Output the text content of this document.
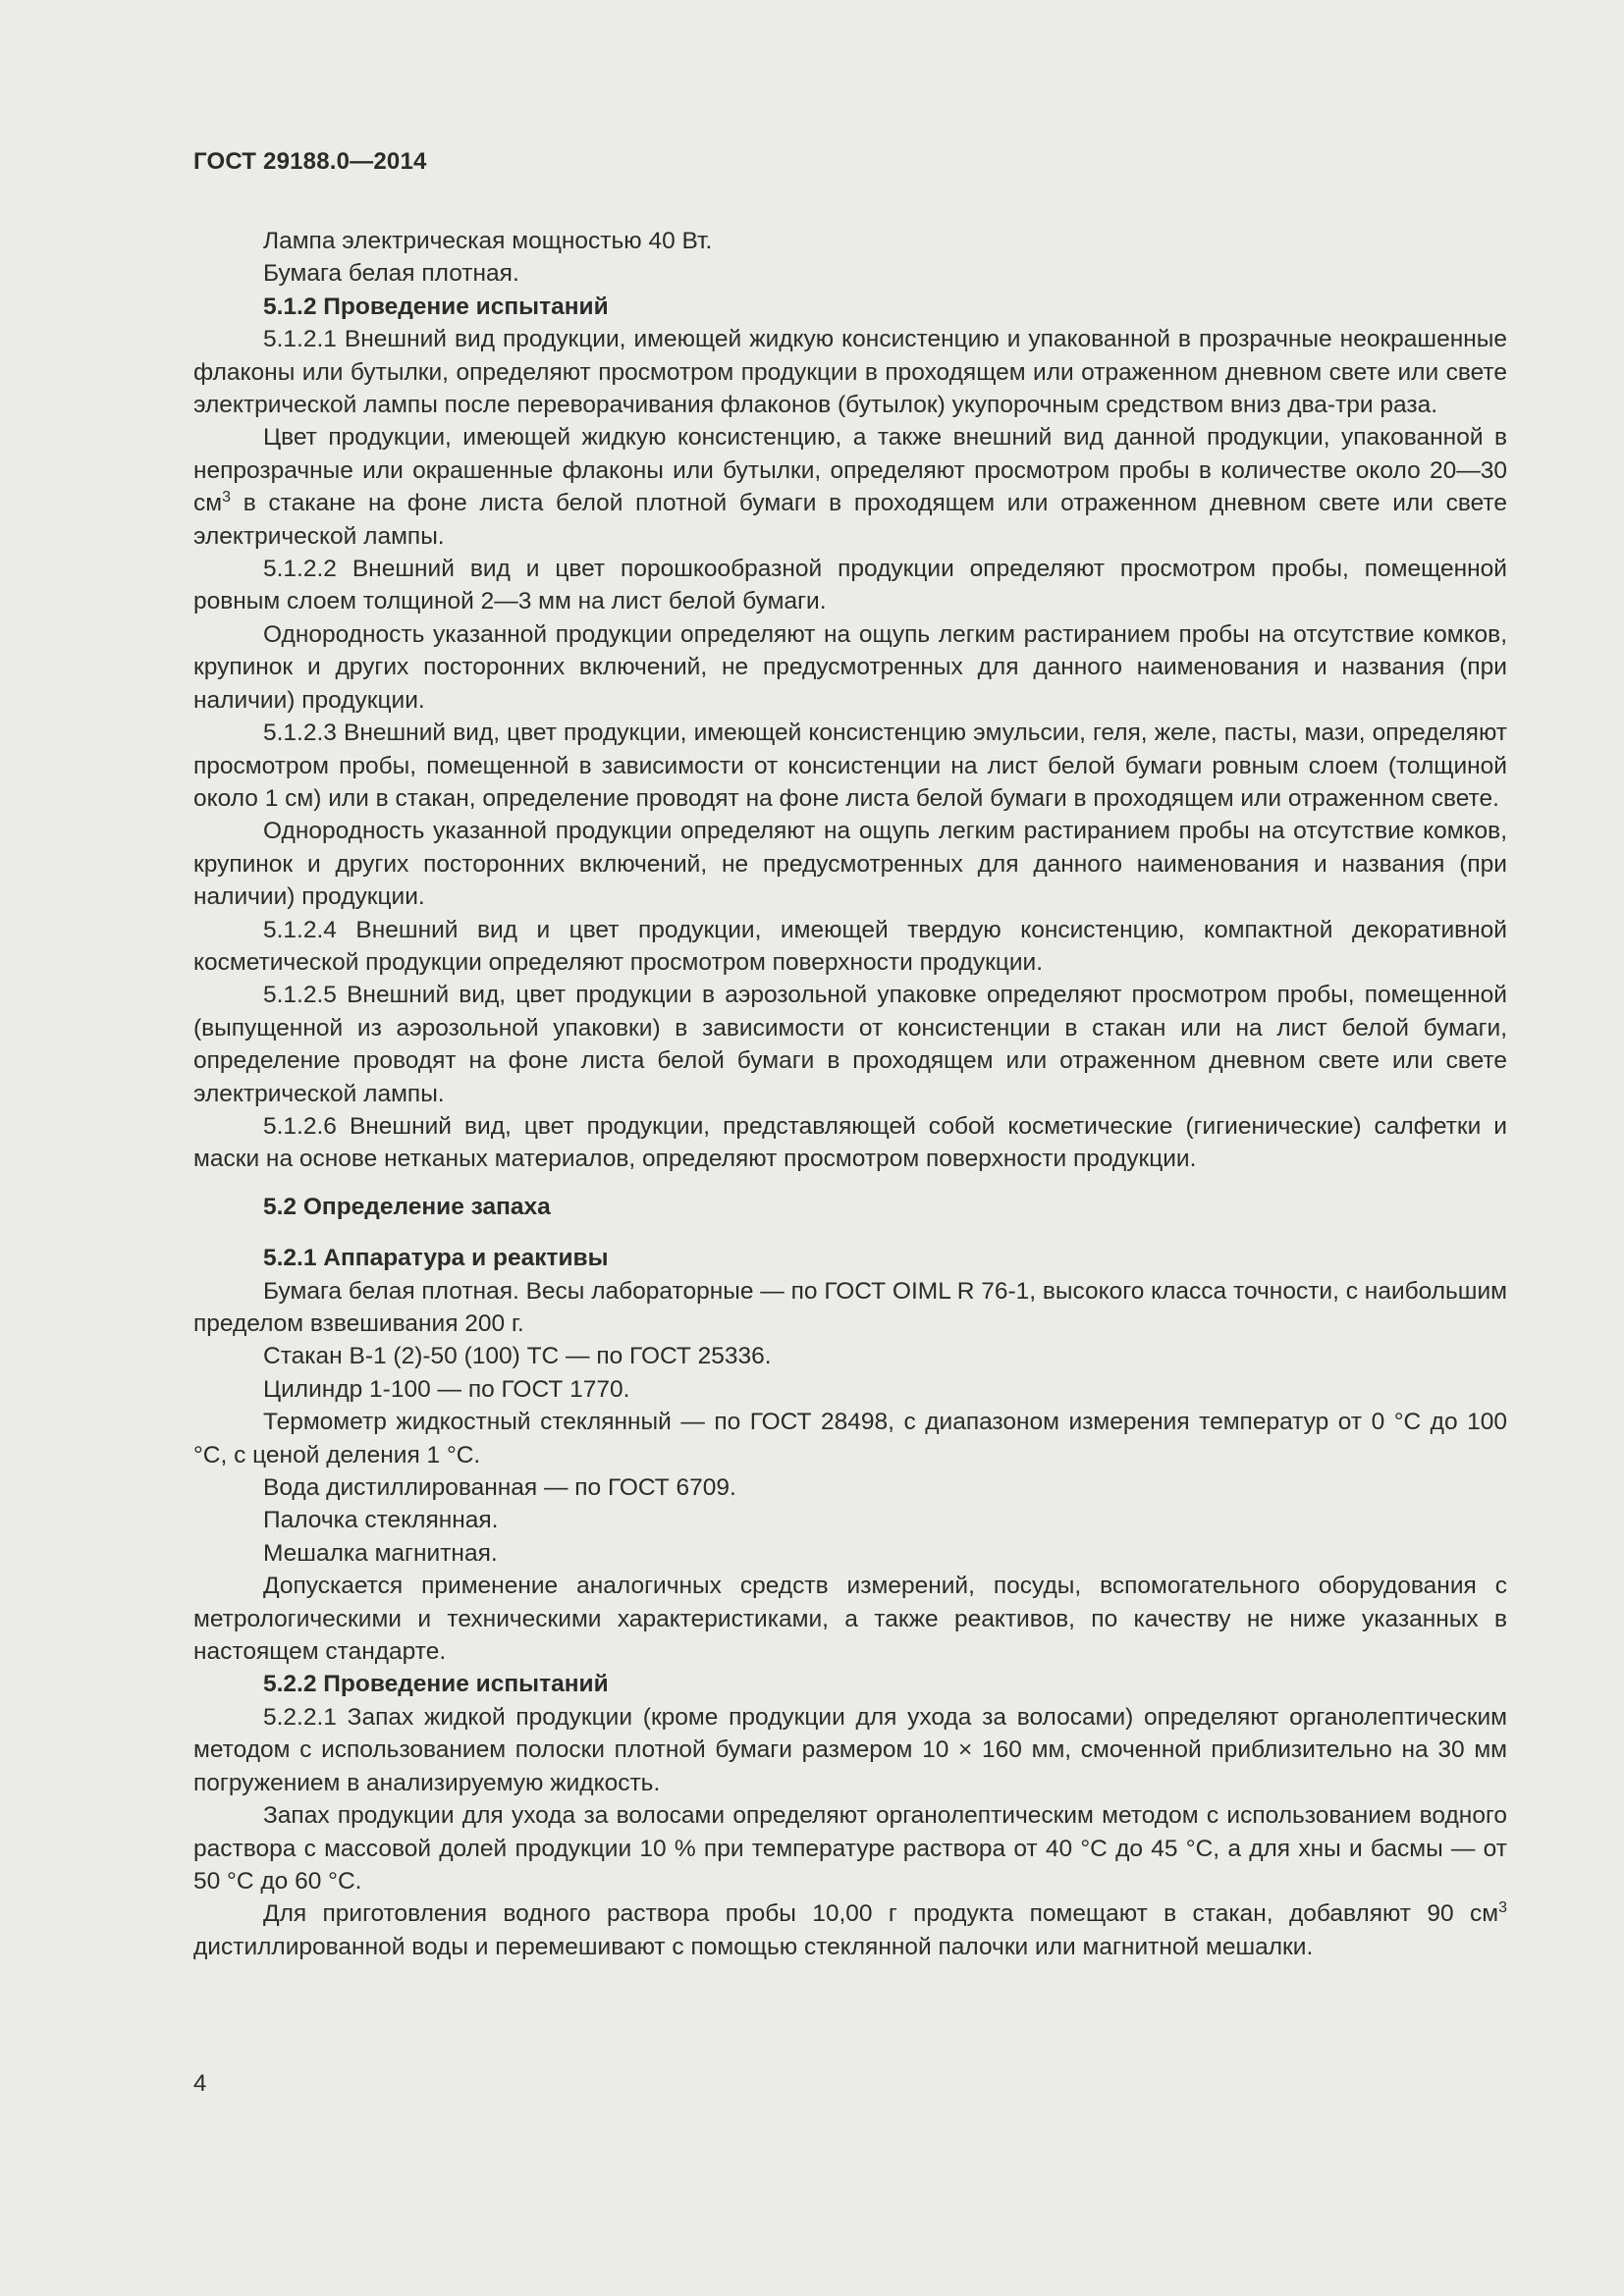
ГОСТ 29188.0—2014

Лампа электрическая мощностью 40 Вт.

Бумага белая плотная.

5.1.2 Проведение испытаний

5.1.2.1 Внешний вид продукции, имеющей жидкую консистенцию и упакованной в прозрачные неокрашенные флаконы или бутылки, определяют просмотром продукции в проходящем или отраженном дневном свете или свете электрической лампы после переворачивания флаконов (бутылок) укупорочным средством вниз два-три раза.

Цвет продукции, имеющей жидкую консистенцию, а также внешний вид данной продукции, упакованной в непрозрачные или окрашенные флаконы или бутылки, определяют просмотром пробы в количестве около 20—30 $см^3$ в стакане на фоне листа белой плотной бумаги в проходящем или отраженном дневном свете или свете электрической лампы.

5.1.2.2 Внешний вид и цвет порошкообразной продукции определяют просмотром пробы, помещенной ровным слоем толщиной 2—3 мм на лист белой бумаги.

Однородность указанной продукции определяют на ощупь легким растиранием пробы на отсутствие комков, крупинок и других посторонних включений, не предусмотренных для данного наименования и названия (при наличии) продукции.

5.1.2.3 Внешний вид, цвет продукции, имеющей консистенцию эмульсии, геля, желе, пасты, мази, определяют просмотром пробы, помещенной в зависимости от консистенции на лист белой бумаги ровным слоем (толщиной около 1 см) или в стакан, определение проводят на фоне листа белой бумаги в проходящем или отраженном свете.

Однородность указанной продукции определяют на ощупь легким растиранием пробы на отсутствие комков, крупинок и других посторонних включений, не предусмотренных для данного наименования и названия (при наличии) продукции.

5.1.2.4 Внешний вид и цвет продукции, имеющей твердую консистенцию, компактной декоративной косметической продукции определяют просмотром поверхности продукции.

5.1.2.5 Внешний вид, цвет продукции в аэрозольной упаковке определяют просмотром пробы, помещенной (выпущенной из аэрозольной упаковки) в зависимости от консистенции в стакан или на лист белой бумаги, определение проводят на фоне листа белой бумаги в проходящем или отраженном дневном свете или свете электрической лампы.

5.1.2.6 Внешний вид, цвет продукции, представляющей собой косметические (гигиенические) салфетки и маски на основе нетканых материалов, определяют просмотром поверхности продукции.

5.2 Определение запаха

5.2.1 Аппаратура и реактивы

Бумага белая плотная. Весы лабораторные — по ГОСТ OIML R 76-1, высокого класса точности, с наибольшим пределом взвешивания 200 г.

Стакан В-1 (2)-50 (100) ТС — по ГОСТ 25336.

Цилиндр 1-100 — по ГОСТ 1770.

Термометр жидкостный стеклянный — по ГОСТ 28498, с диапазоном измерения температур от 0 °С до 100 °С, с ценой деления 1 °С.

Вода дистиллированная — по ГОСТ 6709.

Палочка стеклянная.

Мешалка магнитная.

Допускается применение аналогичных средств измерений, посуды, вспомогательного оборудования с метрологическими и техническими характеристиками, а также реактивов, по качеству не ниже указанных в настоящем стандарте.

5.2.2 Проведение испытаний

5.2.2.1 Запах жидкой продукции (кроме продукции для ухода за волосами) определяют органолептическим методом с использованием полоски плотной бумаги размером 10 × 160 мм, смоченной приблизительно на 30 мм погружением в анализируемую жидкость.

Запах продукции для ухода за волосами определяют органолептическим методом с использованием водного раствора с массовой долей продукции 10 % при температуре раствора от 40 °С до 45 °С, а для хны и басмы — от 50 °С до 60 °С.

Для приготовления водного раствора пробы 10,00 г продукта помещают в стакан, добавляют 90 $см^3$ дистиллированной воды и перемешивают с помощью стеклянной палочки или магнитной мешалки.

4
